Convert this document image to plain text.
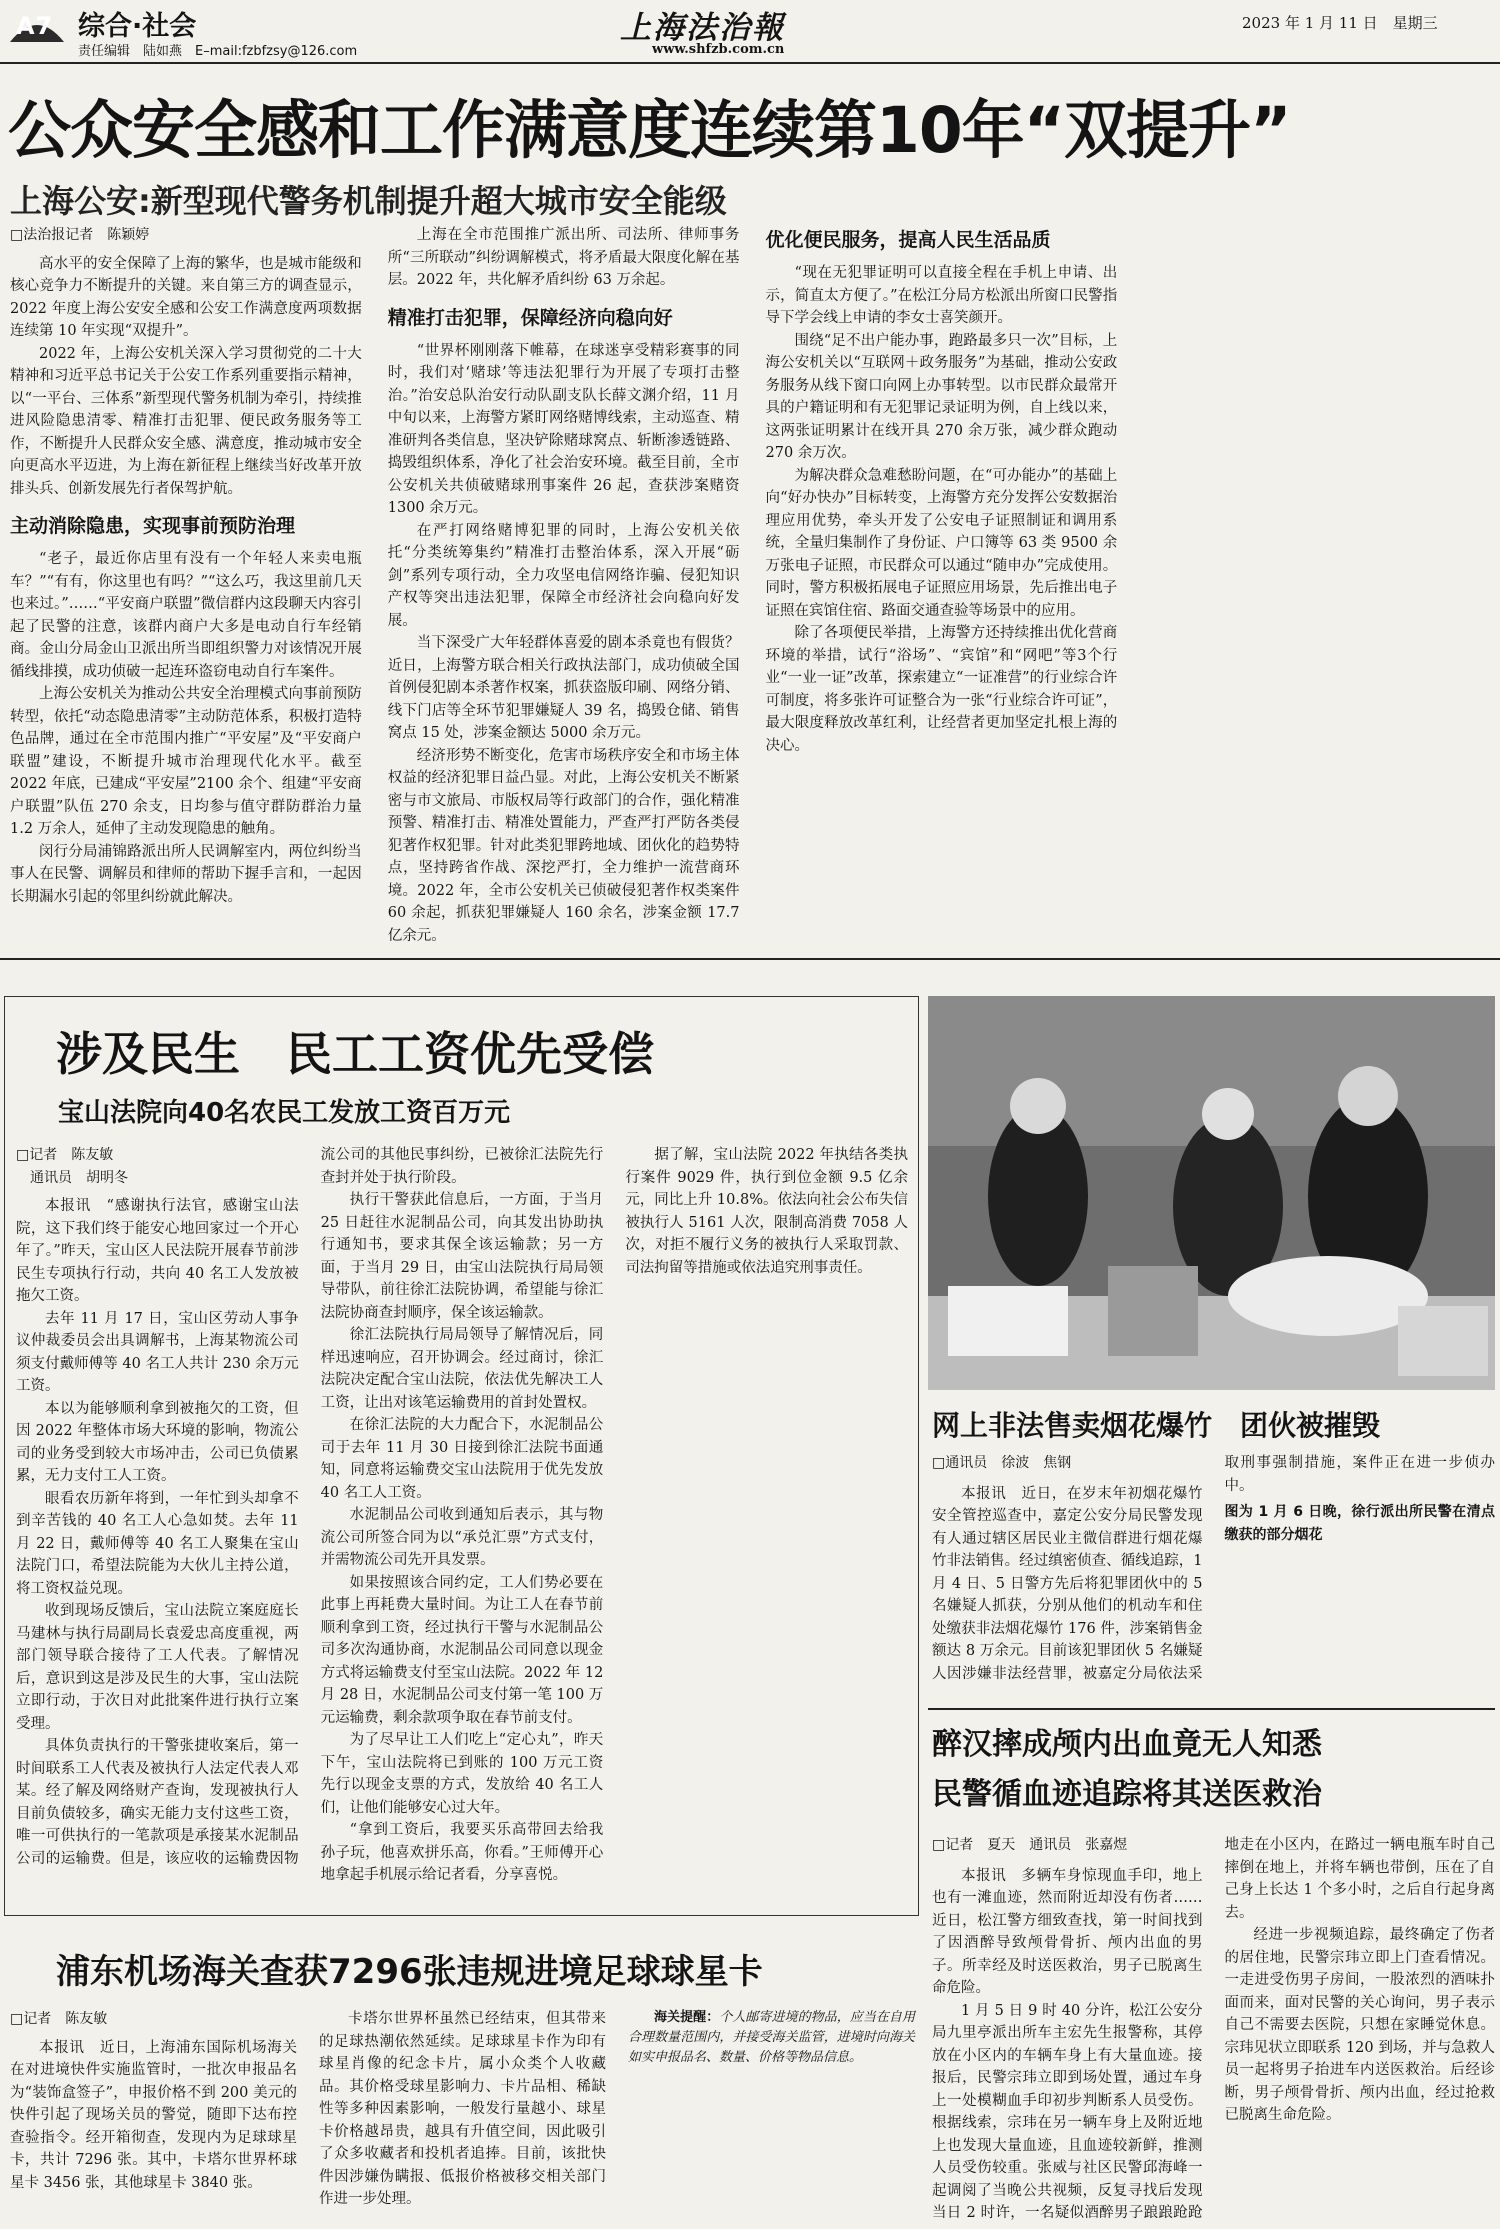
A7 综合·社会
责任编辑　陆如燕　E–mail:fzbfzsy@126.com
上海法治報
www.shfzb.com.cn
2023 年 1 月 11 日　星期三
公众安全感和工作满意度连续第10年“双提升”
上海公安:新型现代警务机制提升超大城市安全能级

□法治报记者　陈颖婷

高水平的安全保障了上海的繁华，也是城市能级和核心竞争力不断提升的关键。来自第三方的调查显示，2022 年度上海公安安全感和公安工作满意度两项数据连续第 10 年实现“双提升”。

2022 年，上海公安机关深入学习贯彻党的二十大精神和习近平总书记关于公安工作系列重要指示精神，以“一平台、三体系”新型现代警务机制为牵引，持续推进风险隐患清零、精准打击犯罪、便民政务服务等工作，不断提升人民群众安全感、满意度，推动城市安全向更高水平迈进，为上海在新征程上继续当好改革开放排头兵、创新发展先行者保驾护航。

主动消除隐患，实现事前预防治理

“老子，最近你店里有没有一个年轻人来卖电瓶车？”“有有，你这里也有吗？”“这么巧，我这里前几天也来过。”……“平安商户联盟”微信群内这段聊天内容引起了民警的注意，该群内商户大多是电动自行车经销商。金山分局金山卫派出所当即组织警力对该情况开展循线排摸，成功侦破一起连环盗窃电动自行车案件。

上海公安机关为推动公共安全治理模式向事前预防转型，依托“动态隐患清零”主动防范体系，积极打造特色品牌，通过在全市范围内推广“平安屋”及“平安商户联盟”建设，不断提升城市治理现代化水平。截至 2022 年底，已建成“平安屋”2100 余个、组建“平安商户联盟”队伍 270 余支，日均参与值守群防群治力量 1.2 万余人，延伸了主动发现隐患的触角。

闵行分局浦锦路派出所人民调解室内，两位纠纷当事人在民警、调解员和律师的帮助下握手言和，一起因长期漏水引起的邻里纠纷就此解决。

上海在全市范围推广派出所、司法所、律师事务所“三所联动”纠纷调解模式，将矛盾最大限度化解在基层。2022 年，共化解矛盾纠纷 63 万余起。

精准打击犯罪，保障经济向稳向好

“世界杯刚刚落下帷幕，在球迷享受精彩赛事的同时，我们对‘赌球’等违法犯罪行为开展了专项打击整治。”治安总队治安行动队副支队长薛文渊介绍，11 月中旬以来，上海警方紧盯网络赌博线索，主动巡查、精准研判各类信息，坚决铲除赌球窝点、斩断渗透链路、捣毁组织体系，净化了社会治安环境。截至目前，全市公安机关共侦破赌球刑事案件 26 起，查获涉案赌资 1300 余万元。

在严打网络赌博犯罪的同时，上海公安机关依托“分类统筹集约”精准打击整治体系，深入开展“砺剑”系列专项行动，全力攻坚电信网络诈骗、侵犯知识产权等突出违法犯罪，保障全市经济社会向稳向好发展。

当下深受广大年轻群体喜爱的剧本杀竟也有假货？近日，上海警方联合相关行政执法部门，成功侦破全国首例侵犯剧本杀著作权案，抓获盗版印刷、网络分销、线下门店等全环节犯罪嫌疑人 39 名，捣毁仓储、销售窝点 15 处，涉案金额达 5000 余万元。

经济形势不断变化，危害市场秩序安全和市场主体权益的经济犯罪日益凸显。对此，上海公安机关不断紧密与市文旅局、市版权局等行政部门的合作，强化精准预警、精准打击、精准处置能力，严查严打严防各类侵犯著作权犯罪。针对此类犯罪跨地域、团伙化的趋势特点，坚持跨省作战、深挖严打，全力维护一流营商环境。2022 年，全市公安机关已侦破侵犯著作权类案件 60 余起，抓获犯罪嫌疑人 160 余名，涉案金额 17.7 亿余元。

优化便民服务，提高人民生活品质

“现在无犯罪证明可以直接全程在手机上申请、出示，简直太方便了。”在松江分局方松派出所窗口民警指导下学会线上申请的李女士喜笑颜开。

围绕“足不出户能办事，跑路最多只一次”目标，上海公安机关以“互联网＋政务服务”为基础，推动公安政务服务从线下窗口向网上办事转型。以市民群众最常开具的户籍证明和有无犯罪记录证明为例，自上线以来，这两张证明累计在线开具 270 余万张，减少群众跑动 270 余万次。

为解决群众急难愁盼问题，在“可办能办”的基础上向“好办快办”目标转变，上海警方充分发挥公安数据治理应用优势，牵头开发了公安电子证照制证和调用系统，全量归集制作了身份证、户口簿等 63 类 9500 余万张电子证照，市民群众可以通过“随申办”完成使用。同时，警方积极拓展电子证照应用场景，先后推出电子证照在宾馆住宿、路面交通查验等场景中的应用。

除了各项便民举措，上海警方还持续推出优化营商环境的举措，试行“浴场”、“宾馆”和“网吧”等3个行业“一业一证”改革，探索建立“一证准营”的行业综合许可制度，将多张许可证整合为一张“行业综合许可证”，最大限度释放改革红利，让经营者更加坚定扎根上海的决心。

涉及民生　民工工资优先受偿
宝山法院向40名农民工发放工资百万元

□记者　陈友敏
　通讯员　胡明冬

本报讯　“感谢执行法官，感谢宝山法院，这下我们终于能安心地回家过一个开心年了。”昨天，宝山区人民法院开展春节前涉民生专项执行行动，共向 40 名工人发放被拖欠工资。

去年 11 月 17 日，宝山区劳动人事争议仲裁委员会出具调解书，上海某物流公司须支付戴师傅等 40 名工人共计 230 余万元工资。

本以为能够顺利拿到被拖欠的工资，但因 2022 年整体市场大环境的影响，物流公司的业务受到较大市场冲击，公司已负债累累，无力支付工人工资。

眼看农历新年将到，一年忙到头却拿不到辛苦钱的 40 名工人心急如焚。去年 11 月 22 日，戴师傅等 40 名工人聚集在宝山法院门口，希望法院能为大伙儿主持公道，将工资权益兑现。

收到现场反馈后，宝山法院立案庭庭长马建林与执行局副局长袁爱忠高度重视，两部门领导联合接待了工人代表。了解情况后，意识到这是涉及民生的大事，宝山法院立即行动，于次日对此批案件进行执行立案受理。

具体负责执行的干警张捷收案后，第一时间联系工人代表及被执行人法定代表人邓某。经了解及网络财产查询，发现被执行人目前负债较多，确实无能力支付这些工资，唯一可供执行的一笔款项是承接某水泥制品公司的运输费。但是，该应收的运输费因物流公司的其他民事纠纷，已被徐汇法院先行查封并处于执行阶段。

执行干警获此信息后，一方面，于当月 25 日赶往水泥制品公司，向其发出协助执行通知书，要求其保全该运输款；另一方面，于当月 29 日，由宝山法院执行局局领导带队，前往徐汇法院协调，希望能与徐汇法院协商查封顺序，保全该运输款。

徐汇法院执行局局领导了解情况后，同样迅速响应，召开协调会。经过商讨，徐汇法院决定配合宝山法院，依法优先解决工人工资，让出对该笔运输费用的首封处置权。

在徐汇法院的大力配合下，水泥制品公司于去年 11 月 30 日接到徐汇法院书面通知，同意将运输费交宝山法院用于优先发放 40 名工人工资。

水泥制品公司收到通知后表示，其与物流公司所签合同为以“承兑汇票”方式支付，并需物流公司先开具发票。

如果按照该合同约定，工人们势必要在此事上再耗费大量时间。为让工人在春节前顺利拿到工资，经过执行干警与水泥制品公司多次沟通协商，水泥制品公司同意以现金方式将运输费支付至宝山法院。2022 年 12 月 28 日，水泥制品公司支付第一笔 100 万元运输费，剩余款项争取在春节前支付。

为了尽早让工人们吃上“定心丸”，昨天下午，宝山法院将已到账的 100 万元工资先行以现金支票的方式，发放给 40 名工人们，让他们能够安心过大年。

“拿到工资后，我要买乐高带回去给我孙子玩，他喜欢拼乐高，你看。”王师傅开心地拿起手机展示给记者看，分享喜悦。

据了解，宝山法院 2022 年执结各类执行案件 9029 件，执行到位金额 9.5 亿余元，同比上升 10.8%。依法向社会公布失信被执行人 5161 人次，限制高消费 7058 人次，对拒不履行义务的被执行人采取罚款、司法拘留等措施或依法追究刑事责任。

网上非法售卖烟花爆竹　团伙被摧毁

□通讯员　徐波　焦钢

本报讯　近日，在岁末年初烟花爆竹安全管控巡查中，嘉定公安分局民警发现有人通过辖区居民业主微信群进行烟花爆竹非法销售。经过缜密侦查、循线追踪，1 月 4 日、5 日警方先后将犯罪团伙中的 5 名嫌疑人抓获，分别从他们的机动车和住处缴获非法烟花爆竹 176 件，涉案销售金额达 8 万余元。目前该犯罪团伙 5 名嫌疑人因涉嫌非法经营罪，被嘉定分局依法采取刑事强制措施，案件正在进一步侦办中。

图为 1 月 6 日晚，徐行派出所民警在清点缴获的部分烟花

醉汉摔成颅内出血竟无人知悉
民警循血迹追踪将其送医救治

□记者　夏天　通讯员　张嘉煜

本报讯　多辆车身惊现血手印，地上也有一滩血迹，然而附近却没有伤者……近日，松江警方细致查找，第一时间找到了因酒醉导致颅骨骨折、颅内出血的男子。所幸经及时送医救治，男子已脱离生命危险。

1 月 5 日 9 时 40 分许，松江公安分局九里亭派出所车主宏先生报警称，其停放在小区内的车辆车身上有大量血迹。接报后，民警宗玮立即到场处置，通过车身上一处模糊血手印初步判断系人员受伤。根据线索，宗玮在另一辆车身上及附近地上也发现大量血迹，且血迹较新鲜，推测人员受伤较重。张威与社区民警邱海峰一起调阅了当晚公共视频，反复寻找后发现当日 2 时许，一名疑似酒醉男子踉踉跄跄地走在小区内，在路过一辆电瓶车时自己摔倒在地上，并将车辆也带倒，压在了自己身上长达 1 个多小时，之后自行起身离去。

经进一步视频追踪，最终确定了伤者的居住地，民警宗玮立即上门查看情况。一走进受伤男子房间，一股浓烈的酒味扑面而来，面对民警的关心询问，男子表示自己不需要去医院，只想在家睡觉休息。宗玮见状立即联系 120 到场，并与急救人员一起将男子抬进车内送医救治。后经诊断，男子颅骨骨折、颅内出血，经过抢救已脱离生命危险。

浦东机场海关查获7296张违规进境足球球星卡

□记者　陈友敏

本报讯　近日，上海浦东国际机场海关在对进境快件实施监管时，一批次申报品名为“装饰盒签子”，申报价格不到 200 美元的快件引起了现场关员的警觉，随即下达布控查验指令。经开箱彻查，发现内为足球球星卡，共计 7296 张。其中，卡塔尔世界杯球星卡 3456 张，其他球星卡 3840 张。

卡塔尔世界杯虽然已经结束，但其带来的足球热潮依然延续。足球球星卡作为印有球星肖像的纪念卡片，属小众类个人收藏品。其价格受球星影响力、卡片品相、稀缺性等多种因素影响，一般发行量越小、球星卡价格越昂贵，越具有升值空间，因此吸引了众多收藏者和投机者追捧。目前，该批快件因涉嫌伪瞒报、低报价格被移交相关部门作进一步处理。

海关提醒：个人邮寄进境的物品，应当在自用合理数量范围内，并接受海关监管，进境时向海关如实申报品名、数量、价格等物品信息。
